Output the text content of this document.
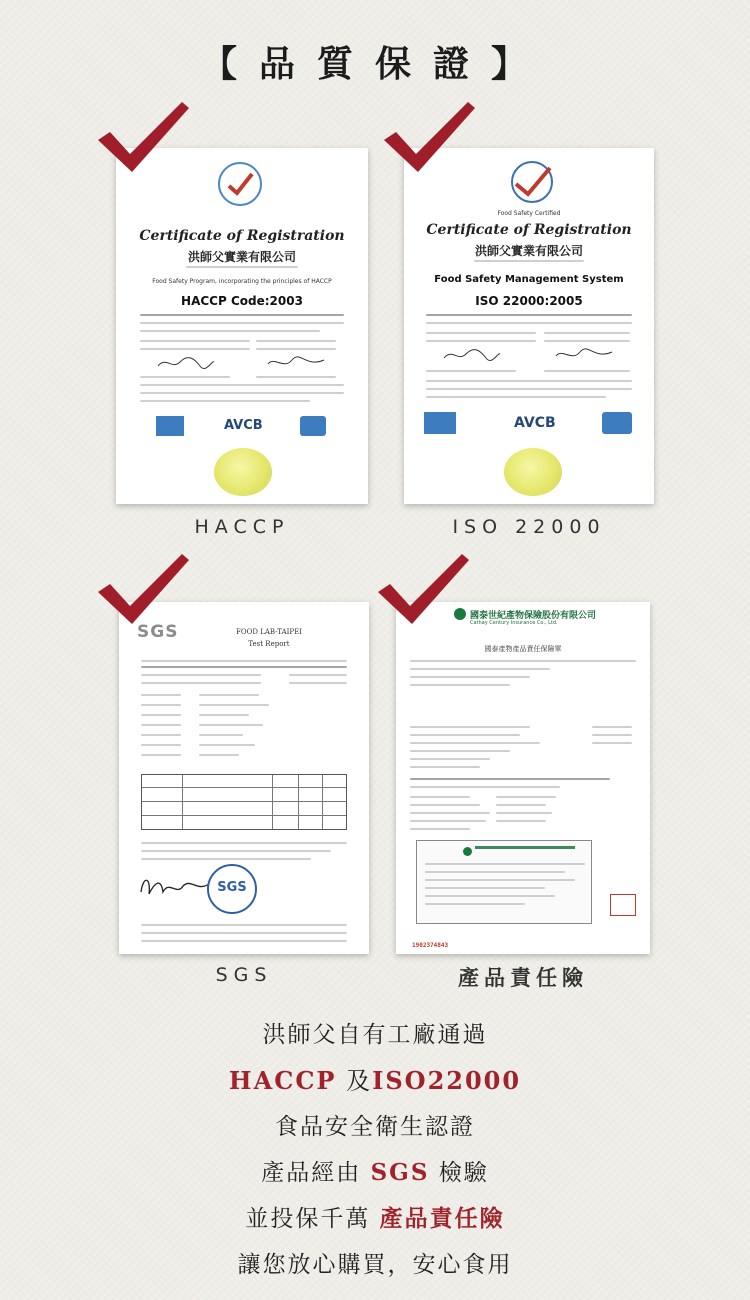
【品質保證】
Certificate of Registration
洪師父實業有限公司
Food Safety Program, incorporating the principles of HACCP
HACCP Code:2003
AVCB
HACCP
Food Safety Certified
Certificate of Registration
洪師父實業有限公司
Food Safety Management System
ISO 22000:2005
AVCB
ISO 22000
SGS	FOOD LAB-TAIPEI
Test Report
SGS
SGS
國泰世紀產物保險股份有限公司
Cathay Century Insurance Co., Ltd.
國泰產物產品責任保險單
1902374843
產品責任險
洪師父自有工廠通過
HACCP 及ISO22000
食品安全衛生認證
產品經由 SGS 檢驗
並投保千萬 產品責任險
讓您放心購買，安心食用
